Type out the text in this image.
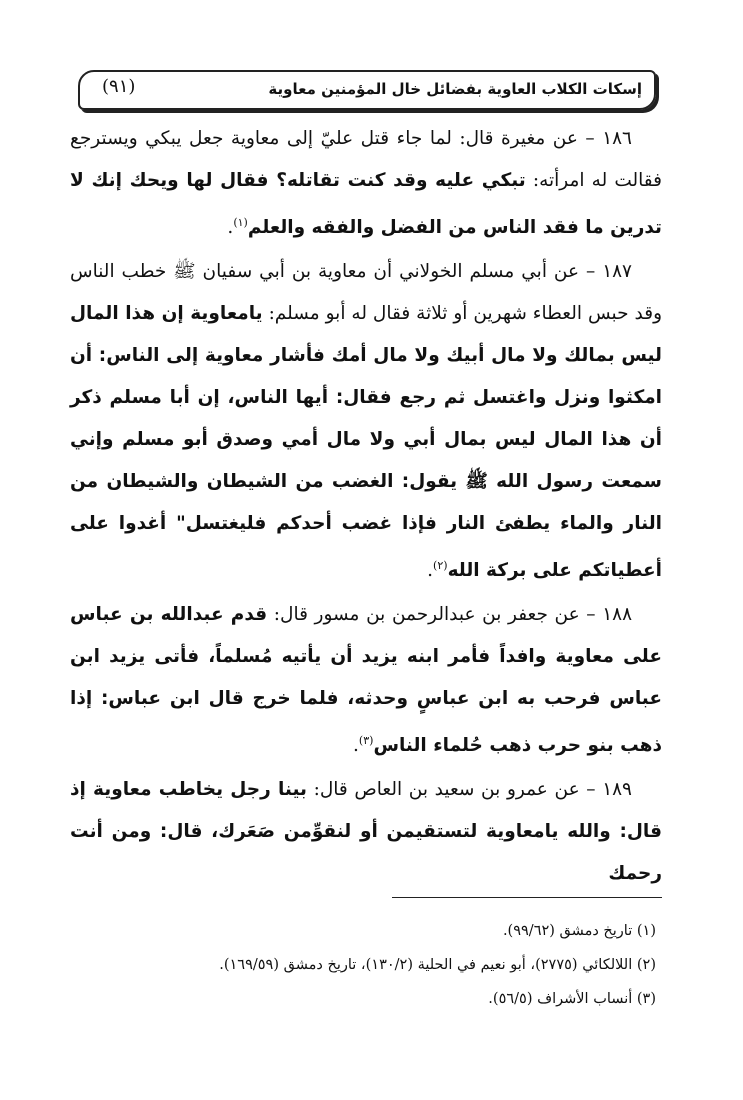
إسكات الكلاب العاوية بفضائل خال المؤمنين معاوية
(٩١)

١٨٦ – عن مغيرة قال: لما جاء قتل عليّ إلى معاوية جعل يبكي ويسترجع فقالت له امرأته: تبكي عليه وقد كنت تقاتله؟ فقال لها ويحك إنك لا تدرين ما فقد الناس من الفضل والفقه والعلم$^{(١)}$.

١٨٧ – عن أبي مسلم الخولاني أن معاوية بن أبي سفيان ﷺ خطب الناس وقد حبس العطاء شهرين أو ثلاثة فقال له أبو مسلم: يامعاوية إن هذا المال ليس بمالك ولا مال أبيك ولا مال أمك فأشار معاوية إلى الناس: أن امكثوا ونزل واغتسل ثم رجع فقال: أيها الناس، إن أبا مسلم ذكر أن هذا المال ليس بمال أبي ولا مال أمي وصدق أبو مسلم وإني سمعت رسول الله ﷺ يقول: الغضب من الشيطان والشيطان من النار والماء يطفئ النار فإذا غضب أحدكم فليغتسل" أغدوا على أعطياتكم على بركة الله$^{(٢)}$.

١٨٨ – عن جعفر بن عبدالرحمن بن مسور قال: قدم عبدالله بن عباس على معاوية وافداً فأمر ابنه يزيد أن يأتيه مُسلماً، فأتى يزيد ابن عباس فرحب به ابن عباسٍ وحدثه، فلما خرج قال ابن عباس: إذا ذهب بنو حرب ذهب حُلماء الناس$^{(٣)}$.

١٨٩ – عن عمرو بن سعيد بن العاص قال: بينا رجل يخاطب معاوية إذ قال: والله يامعاوية لتستقيمن أو لنقوِّمن صَعَرك، قال: ومن أنت رحمك

(١) تاريخ دمشق (٩٩/٦٢).

(٢) اللالكائي (٢٧٧٥)، أبو نعيم في الحلية (١٣٠/٢)، تاريخ دمشق (١٦٩/٥٩).

(٣) أنساب الأشراف (٥٦/٥).
